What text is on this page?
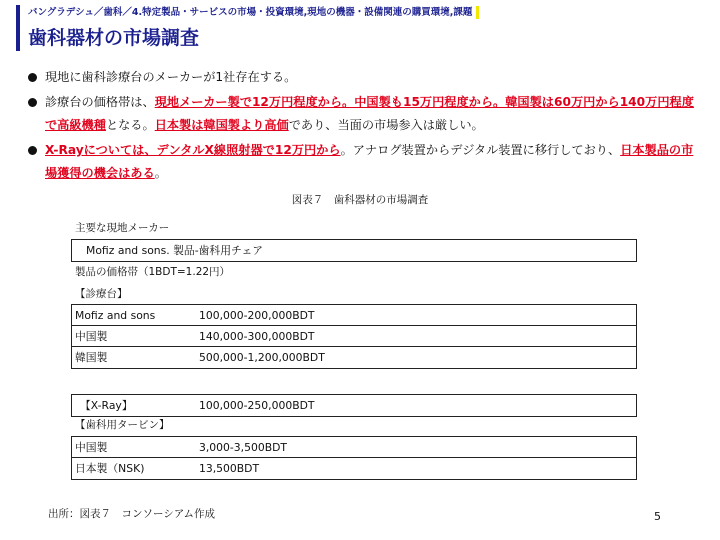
バングラデシュ／歯科／4.特定製品・サービスの市場・投資環境,現地の機器・設備関連の購買環境,課題
歯科器材の市場調査
現地に歯科診療台のメーカーが1社存在する。
診療台の価格帯は、現地メーカー製で12万円程度から。中国製も15万円程度から。韓国製は60万円から140万円程度で高級機種となる。日本製は韓国製より高価であり、当面の市場参入は厳しい。
X-Rayについては、デンタルX線照射器で12万円から。アナログ装置からデジタル装置に移行しており、日本製品の市場獲得の機会はある。
図表７　歯科器材の市場調査
主要な現地メーカー
Mofiz and sons. 製品-歯科用チェア
製品の価格帯（1BDT=1.22円）
【診療台】
Mofiz and sons	100,000-200,000BDT
中国製	140,000-300,000BDT
韓国製	500,000-1,200,000BDT
【X-Ray】	100,000-250,000BDT
【歯科用タービン】
中国製	3,000-3,500BDT
日本製（NSK)	13,500BDT
出所：図表７　コンソーシアム作成	5
